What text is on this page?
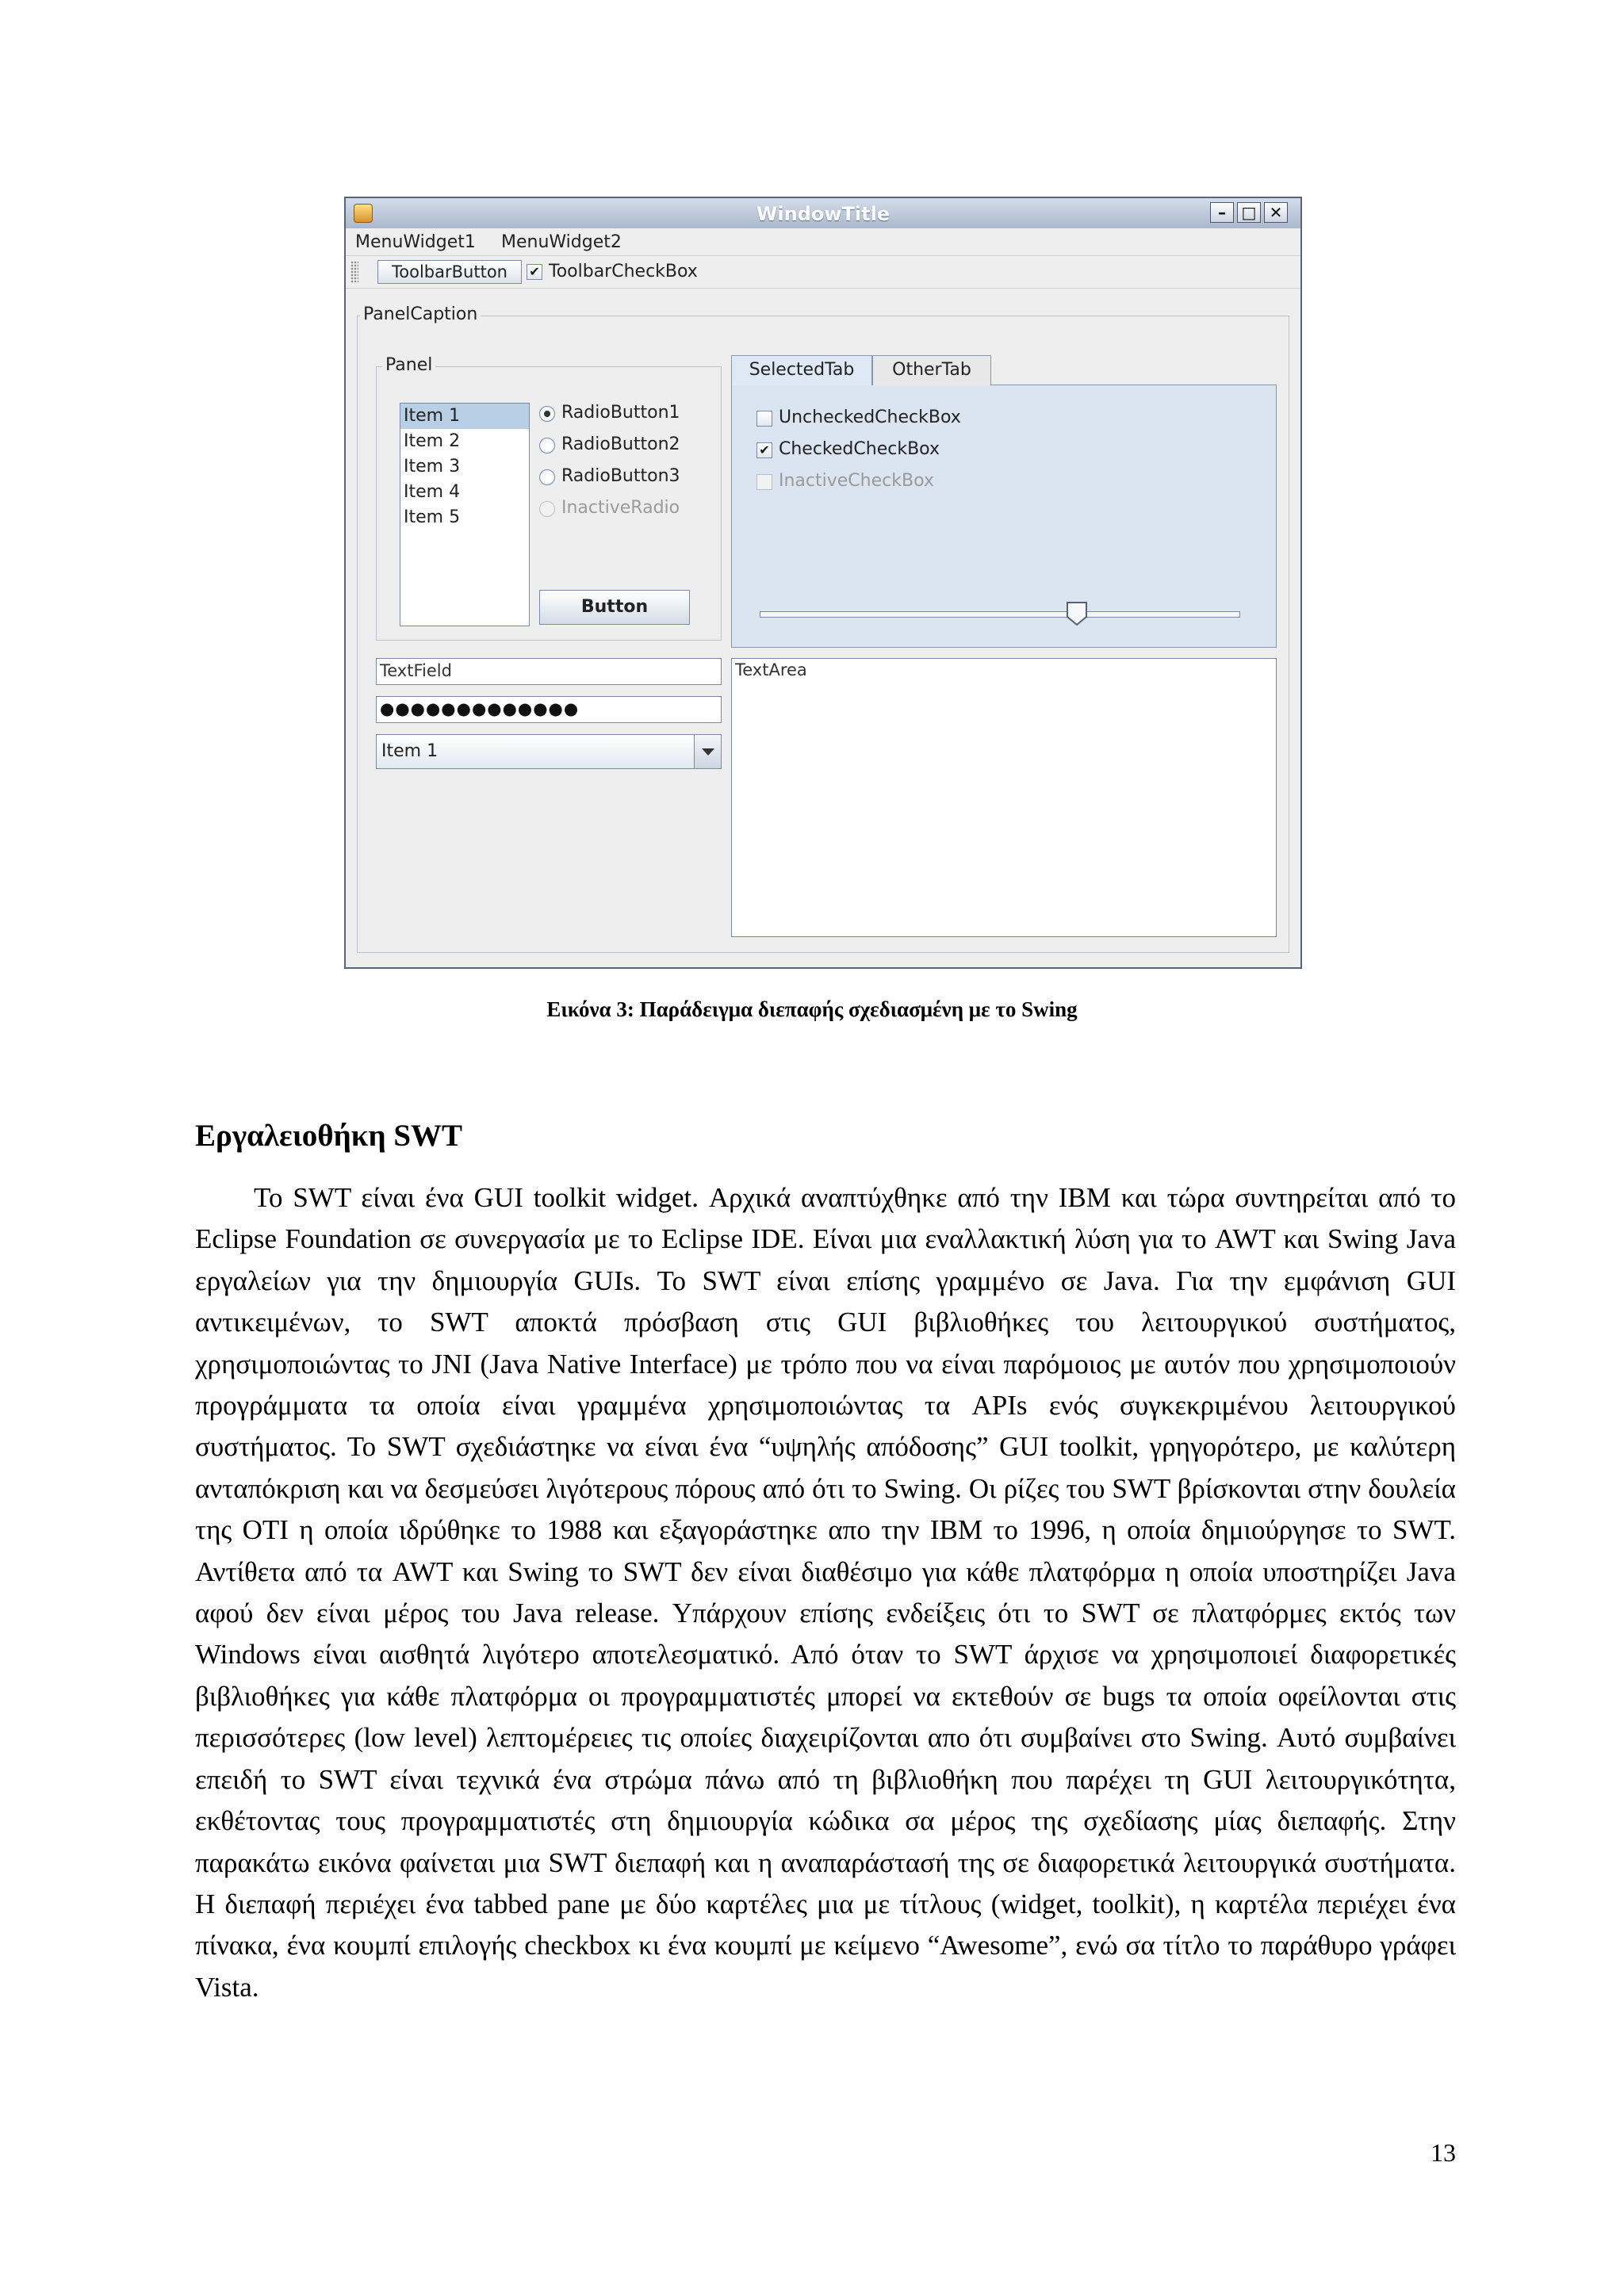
WindowTitle	– □ ✕
MenuWidget1 MenuWidget2
ToolbarButton	✔ ToolbarCheckBox
PanelCaption
Panel
Item 1
Item 2
Item 3
Item 4
Item 5
RadioButton1
RadioButton2
RadioButton3
InactiveRadio
Button
SelectedTab	OtherTab
UncheckedCheckBox
✔ CheckedCheckBox
InactiveCheckBox
TextField
●●●●●●●●●●●●●
Item 1
TextArea
Εικόνα 3: Παράδειγμα διεπαφής σχεδιασμένη με το Swing
Εργαλειοθήκη SWT

Το SWT είναι ένα GUI toolkit widget. Αρχικά αναπτύχθηκε από την IBM και τώρα συντηρείται από το Eclipse Foundation σε συνεργασία με το Eclipse IDE. Είναι μια εναλλακτική λύση για το AWT και Swing Java εργαλείων για την δημιουργία GUIs. Το SWT είναι επίσης γραμμένο σε Java. Για την εμφάνιση GUI αντικειμένων, το SWT αποκτά πρόσβαση στις GUI βιβλιοθήκες του λειτουργικού συστήματος, χρησιμοποιώντας το JNI (Java Native Interface) με τρόπο που να είναι παρόμοιος με αυτόν που χρησιμοποιούν προγράμματα τα οποία είναι γραμμένα χρησιμοποιώντας τα APIs ενός συγκεκριμένου λειτουργικού συστήματος. Το SWT σχεδιάστηκε να είναι ένα “υψηλής απόδοσης” GUI toolkit, γρηγορότερο, με καλύτερη ανταπόκριση και να δεσμεύσει λιγότερους πόρους από ότι το Swing. Οι ρίζες του SWT βρίσκονται στην δουλεία της OTI η οποία ιδρύθηκε το 1988 και εξαγοράστηκε απο την IBM το 1996, η οποία δημιούργησε το SWT. Αντίθετα από τα AWT και Swing το SWT δεν είναι διαθέσιμο για κάθε πλατφόρμα η οποία υποστηρίζει Java αφού δεν είναι μέρος του Java release. Υπάρχουν επίσης ενδείξεις ότι το SWT σε πλατφόρμες εκτός των Windows είναι αισθητά λιγότερο αποτελεσματικό. Από όταν το SWT άρχισε να χρησιμοποιεί διαφορετικές βιβλιοθήκες για κάθε πλατφόρμα οι προγραμματιστές μπορεί να εκτεθούν σε bugs τα οποία οφείλονται στις περισσότερες (low level) λεπτομέρειες τις οποίες διαχειρίζονται απο ότι συμβαίνει στο Swing. Αυτό συμβαίνει επειδή το SWT είναι τεχνικά ένα στρώμα πάνω από τη βιβλιοθήκη που παρέχει τη GUI λειτουργικότητα, εκθέτοντας τους προγραμματιστές στη δημιουργία κώδικα σα μέρος της σχεδίασης μίας διεπαφής. Στην παρακάτω εικόνα φαίνεται μια SWT διεπαφή και η αναπαράστασή της σε διαφορετικά λειτουργικά συστήματα. Η διεπαφή περιέχει ένα tabbed pane με δύο καρτέλες μια με τίτλους (widget, toolkit), η καρτέλα περιέχει ένα πίνακα, ένα κουμπί επιλογής checkbox κι ένα κουμπί με κείμενο “Awesome”, ενώ σα τίτλο το παράθυρο γράφει Vista.

13
